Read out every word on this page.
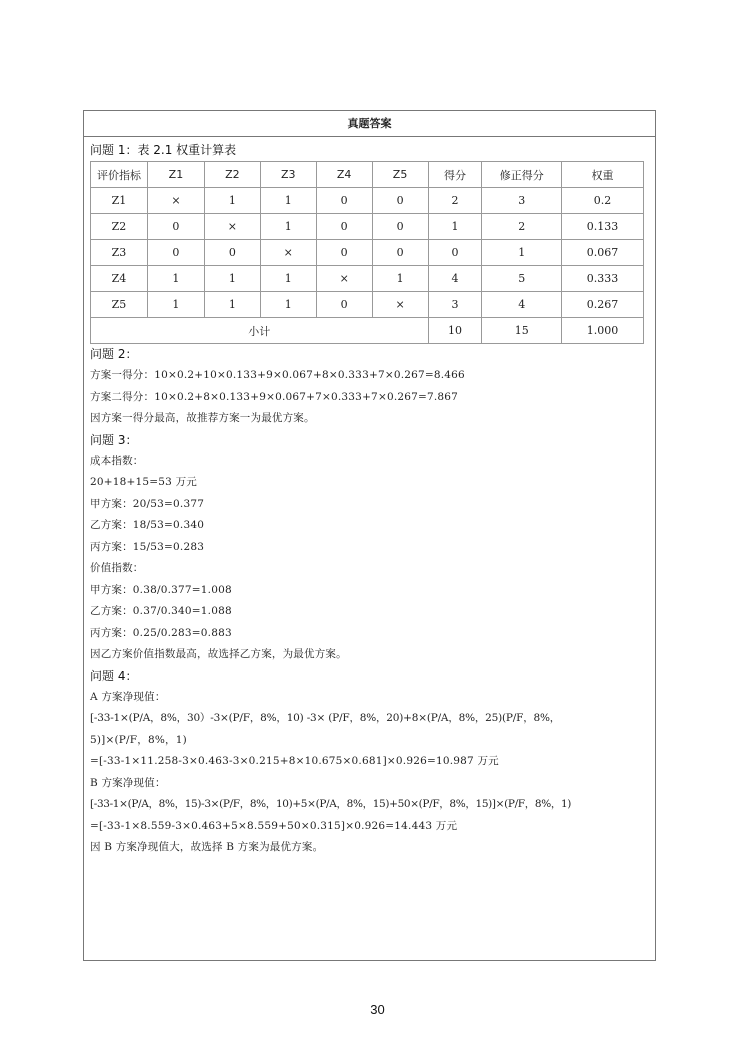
真题答案
问题 1：表 2.1 权重计算表
评价指标	Z1	Z2	Z3	Z4	Z5	得分	修正得分	权重
Z1	×	1	1	0	0	2	3	0.2
Z2	0	×	1	0	0	1	2	0.133
Z3	0	0	×	0	0	0	1	0.067
Z4	1	1	1	×	1	4	5	0.333
Z5	1	1	1	0	×	3	4	0.267
小计						10	15	1.000
问题 2：
方案一得分：10×0.2+10×0.133+9×0.067+8×0.333+7×0.267=8.466
方案二得分：10×0.2+8×0.133+9×0.067+7×0.333+7×0.267=7.867
因方案一得分最高，故推荐方案一为最优方案。
问题 3：
成本指数：
20+18+15=53 万元
甲方案：20/53=0.377
乙方案：18/53=0.340
丙方案：15/53=0.283
价值指数：
甲方案：0.38/0.377=1.008
乙方案：0.37/0.340=1.088
丙方案：0.25/0.283=0.883
因乙方案价值指数最高，故选择乙方案，为最优方案。
问题 4：
A 方案净现值：
[-33-1×(P/A，8%，30）-3×(P/F，8%，10) -3× (P/F，8%，20)+8×(P/A，8%，25)(P/F，8%，
5)]×(P/F，8%，1)
=[-33-1×11.258-3×0.463-3×0.215+8×10.675×0.681]×0.926=10.987 万元
B 方案净现值：
[-33-1×(P/A，8%，15)-3×(P/F，8%，10)+5×(P/A，8%，15)+50×(P/F，8%，15)]×(P/F，8%，1)
=[-33-1×8.559-3×0.463+5×8.559+50×0.315]×0.926=14.443 万元
因 B 方案净现值大，故选择 B 方案为最优方案。
30
